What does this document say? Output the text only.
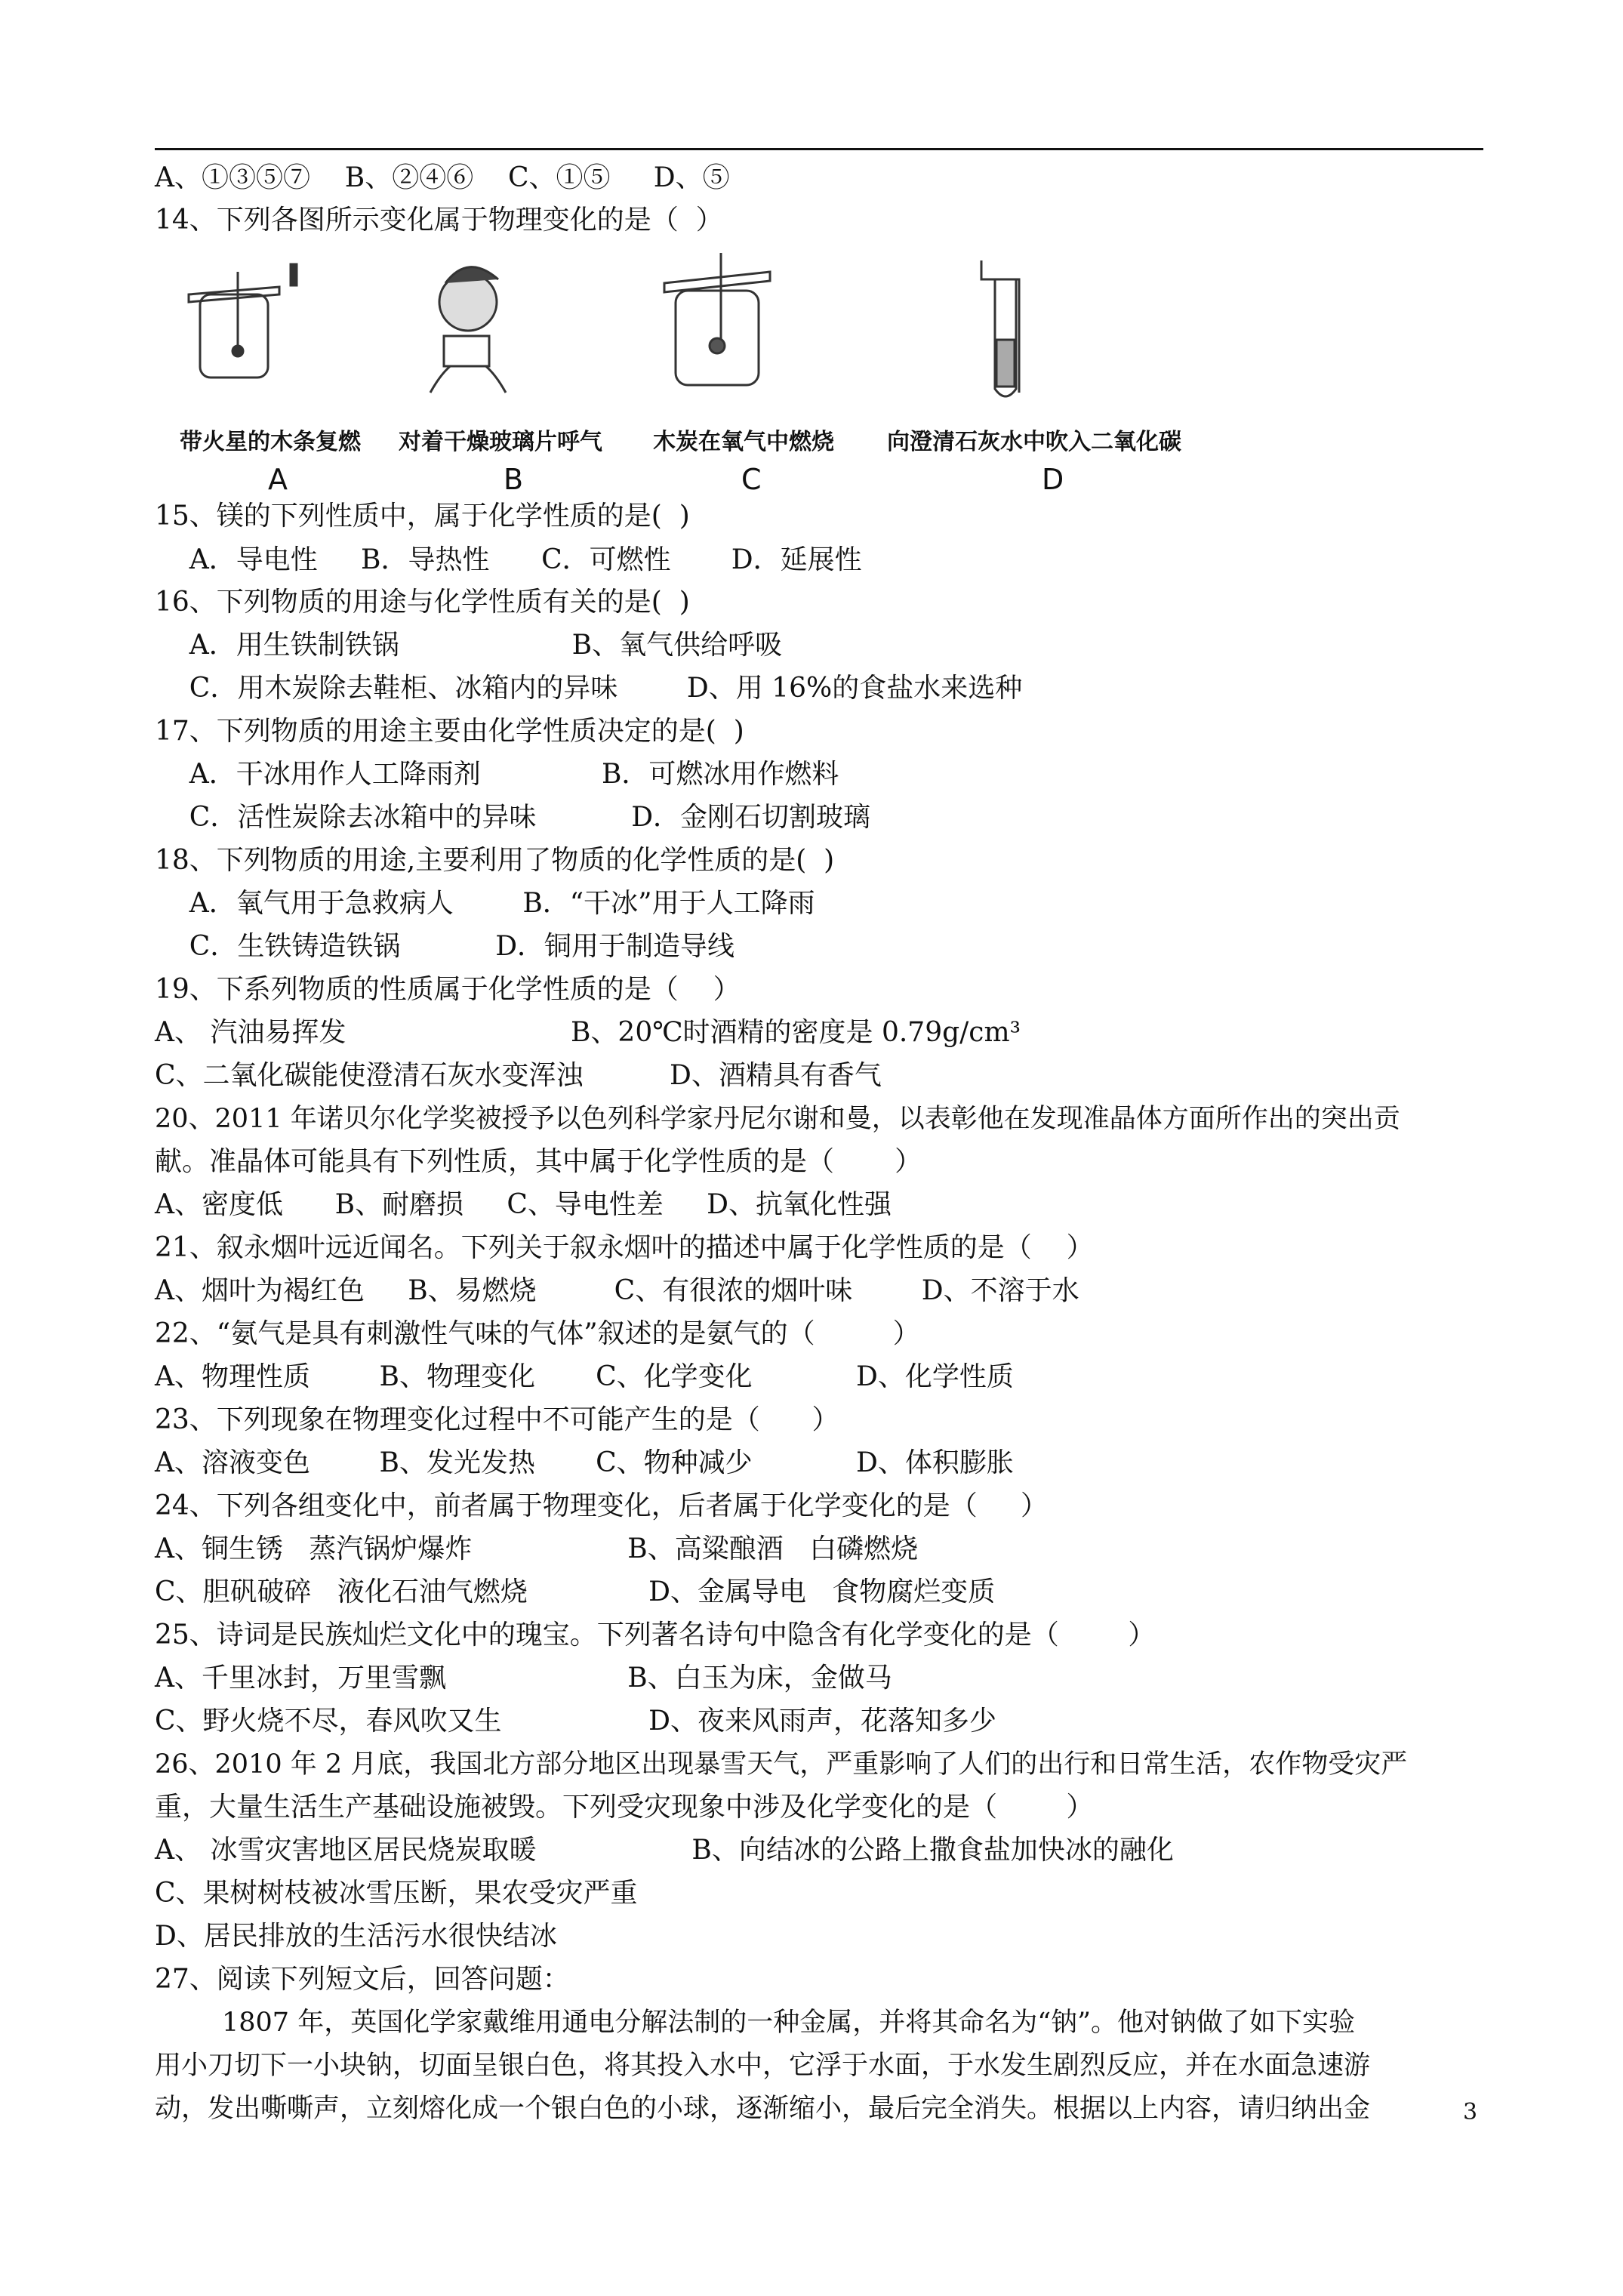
A、①③⑤⑦    B、②④⑥    C、①⑤     D、⑤
14、下列各图所示变化属于物理变化的是（  ）
带火星的木条复燃 对着干燥玻璃片呼气 木炭在氧气中燃烧 向澄清石灰水中吹入二氧化碳
A	B	C	D
15、镁的下列性质中，属于化学性质的是(  )
A．导电性     B．导热性      C．可燃性       D．延展性
16、下列物质的用途与化学性质有关的是(  )
A．用生铁制铁锅                    B、氧气供给呼吸
C．用木炭除去鞋柜、冰箱内的异味        D、用 16%的食盐水来选种
17、下列物质的用途主要由化学性质决定的是(  )
A．干冰用作人工降雨剂              B．可燃冰用作燃料
C．活性炭除去冰箱中的异味           D．金刚石切割玻璃
18、下列物质的用途,主要利用了物质的化学性质的是(  )
A．氧气用于急救病人        B．“干冰”用于人工降雨
C．生铁铸造铁锅           D．铜用于制造导线
19、下系列物质的性质属于化学性质的是（    ）
A、 汽油易挥发                          B、20℃时酒精的密度是 0.79g/cm³
C、二氧化碳能使澄清石灰水变浑浊          D、酒精具有香气
20、2011 年诺贝尔化学奖被授予以色列科学家丹尼尔谢和曼，以表彰他在发现准晶体方面所作出的突出贡
献。准晶体可能具有下列性质，其中属于化学性质的是（       ）
A、密度低      B、耐磨损     C、导电性差     D、抗氧化性强
21、叙永烟叶远近闻名。下列关于叙永烟叶的描述中属于化学性质的是（    ）
A、烟叶为褐红色     B、易燃烧         C、有很浓的烟叶味        D、不溶于水
22、“氨气是具有刺激性气味的气体”叙述的是氨气的（         ）
A、物理性质        B、物理变化       C、化学变化            D、化学性质
23、下列现象在物理变化过程中不可能产生的是（      ）
A、溶液变色        B、发光发热       C、物种减少            D、体积膨胀
24、下列各组变化中，前者属于物理变化，后者属于化学变化的是（     ）
A、铜生锈   蒸汽锅炉爆炸                  B、高粱酿酒   白磷燃烧
C、胆矾破碎   液化石油气燃烧              D、金属导电   食物腐烂变质
25、诗词是民族灿烂文化中的瑰宝。下列著名诗句中隐含有化学变化的是（        ）
A、千里冰封，万里雪飘                     B、白玉为床，金做马
C、野火烧不尽，春风吹又生                 D、夜来风雨声，花落知多少
26、2010 年 2 月底，我国北方部分地区出现暴雪天气，严重影响了人们的出行和日常生活，农作物受灾严
重，大量生活生产基础设施被毁。下列受灾现象中涉及化学变化的是（        ）
A、 冰雪灾害地区居民烧炭取暖                  B、向结冰的公路上撒食盐加快冰的融化
C、果树树枝被冰雪压断，果农受灾严重
D、居民排放的生活污水很快结冰
27、阅读下列短文后，回答问题：
1807 年，英国化学家戴维用通电分解法制的一种金属，并将其命名为“钠”。他对钠做了如下实验
用小刀切下一小块钠，切面呈银白色，将其投入水中，它浮于水面，于水发生剧烈反应，并在水面急速游
动，发出嘶嘶声，立刻熔化成一个银白色的小球，逐渐缩小，最后完全消失。根据以上内容，请归纳出金	3
